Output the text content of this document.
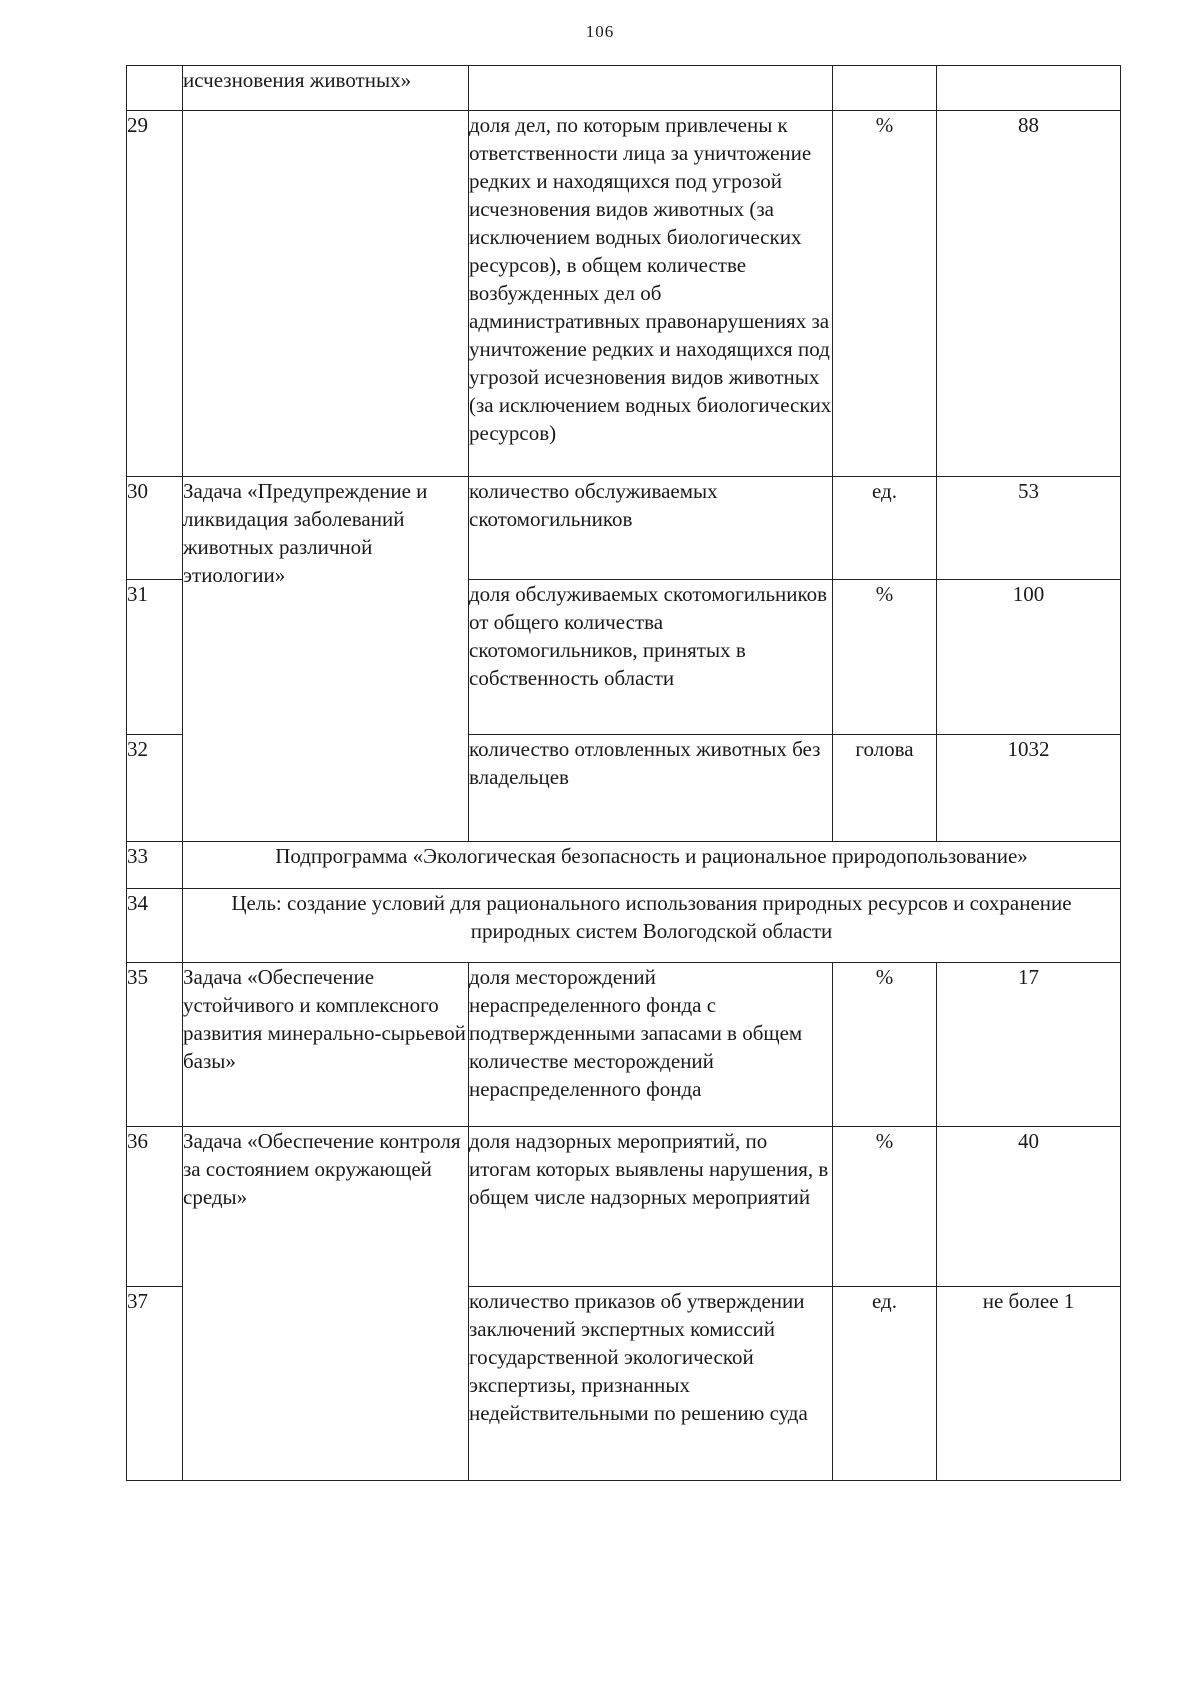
106
	исчезновения животных»			
29		доля дел, по которым привлечены к ответственности лица за уничтожение редких и находящихся под угрозой исчезновения видов животных (за исключением водных биологических ресурсов), в общем количестве возбужденных дел об административных правонарушениях за уничтожение редких и находящихся под угрозой исчезновения видов животных (за исключением водных биологических ресурсов)	%	88
30	Задача «Предупреждение и ликвидация заболеваний животных различной этиологии»	количество обслуживаемых скотомогильников	ед.	53
31		доля обслуживаемых скотомогильников от общего количества скотомогильников, принятых в собственность области	%	100
32		количество отловленных животных без владельцев	голова	1032
33	Подпрограмма «Экологическая безопасность и рациональное природопользование»			
34	Цель: создание условий для рационального использования природных ресурсов и сохранение природных систем Вологодской области			
35	Задача «Обеспечение устойчивого и комплексного развития минерально-сырьевой базы»	доля месторождений нераспределенного фонда с подтвержденными запасами в общем количестве месторождений нераспределенного фонда	%	17
36	Задача «Обеспечение контроля за состоянием окружающей среды»	доля надзорных мероприятий, по итогам которых выявлены нарушения, в общем числе надзорных мероприятий	%	40
37		количество приказов об утверждении заключений экспертных комиссий государственной экологической экспертизы, признанных недействительными по решению суда	ед.	не более 1
